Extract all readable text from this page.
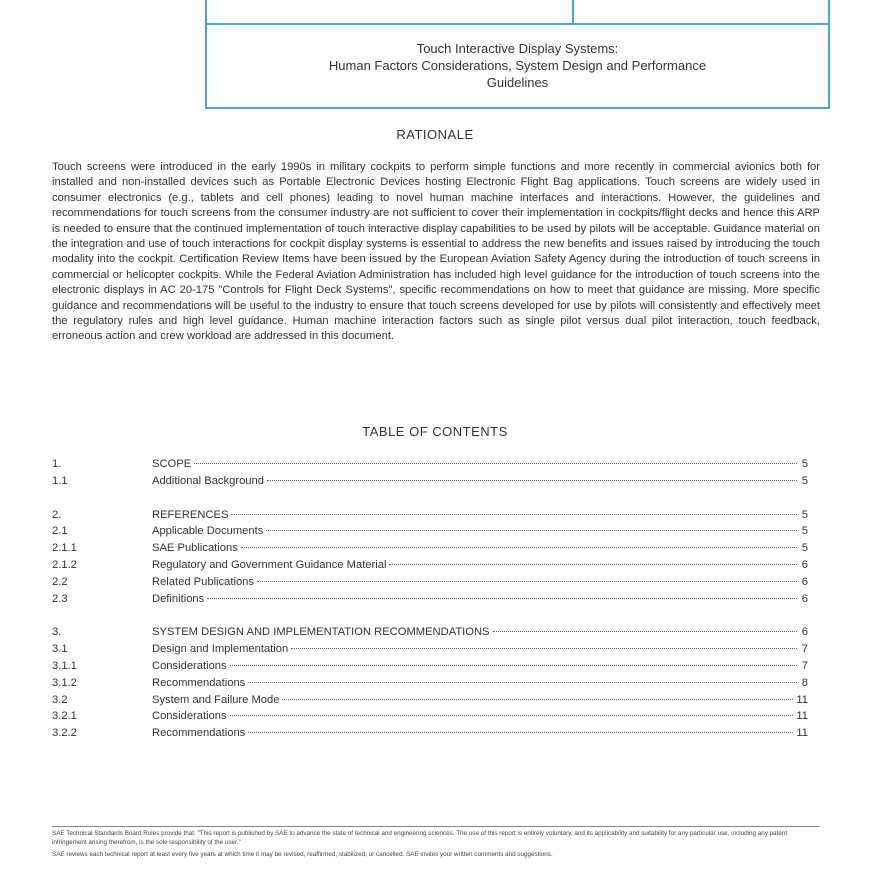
Touch Interactive Display Systems:
Human Factors Considerations, System Design and Performance
Guidelines
RATIONALE
Touch screens were introduced in the early 1990s in military cockpits to perform simple functions and more recently in commercial avionics both for installed and non-installed devices such as Portable Electronic Devices hosting Electronic Flight Bag applications. Touch screens are widely used in consumer electronics (e.g., tablets and cell phones) leading to novel human machine interfaces and interactions. However, the guidelines and recommendations for touch screens from the consumer industry are not sufficient to cover their implementation in cockpits/flight decks and hence this ARP is needed to ensure that the continued implementation of touch interactive display capabilities to be used by pilots will be acceptable. Guidance material on the integration and use of touch interactions for cockpit display systems is essential to address the new benefits and issues raised by introducing the touch modality into the cockpit. Certification Review Items have been issued by the European Aviation Safety Agency during the introduction of touch screens in commercial or helicopter cockpits. While the Federal Aviation Administration has included high level guidance for the introduction of touch screens into the electronic displays in AC 20-175 "Controls for Flight Deck Systems", specific recommendations on how to meet that guidance are missing. More specific guidance and recommendations will be useful to the industry to ensure that touch screens developed for use by pilots will consistently and effectively meet the regulatory rules and high level guidance. Human machine interaction factors such as single pilot versus dual pilot interaction, touch feedback, erroneous action and crew workload are addressed in this document.
TABLE OF CONTENTS
1.	SCOPE	5
1.1	Additional Background	5
2.	REFERENCES	5
2.1	Applicable Documents	5
2.1.1	SAE Publications	5
2.1.2	Regulatory and Government Guidance Material	6
2.2	Related Publications	6
2.3	Definitions	6
3.	SYSTEM DESIGN AND IMPLEMENTATION RECOMMENDATIONS	6
3.1	Design and Implementation	7
3.1.1	Considerations	7
3.1.2	Recommendations	8
3.2	System and Failure Mode	11
3.2.1	Considerations	11
3.2.2	Recommendations	11

SAE Technical Standards Board Rules provide that: "This report is published by SAE to advance the state of technical and engineering sciences. The use of this report is entirely voluntary, and its applicability and suitability for any particular use, including any patent infringement arising therefrom, is the sole responsibility of the user."

SAE reviews each technical report at least every five years at which time it may be revised, reaffirmed, stabilized, or cancelled. SAE invites your written comments and suggestions.
